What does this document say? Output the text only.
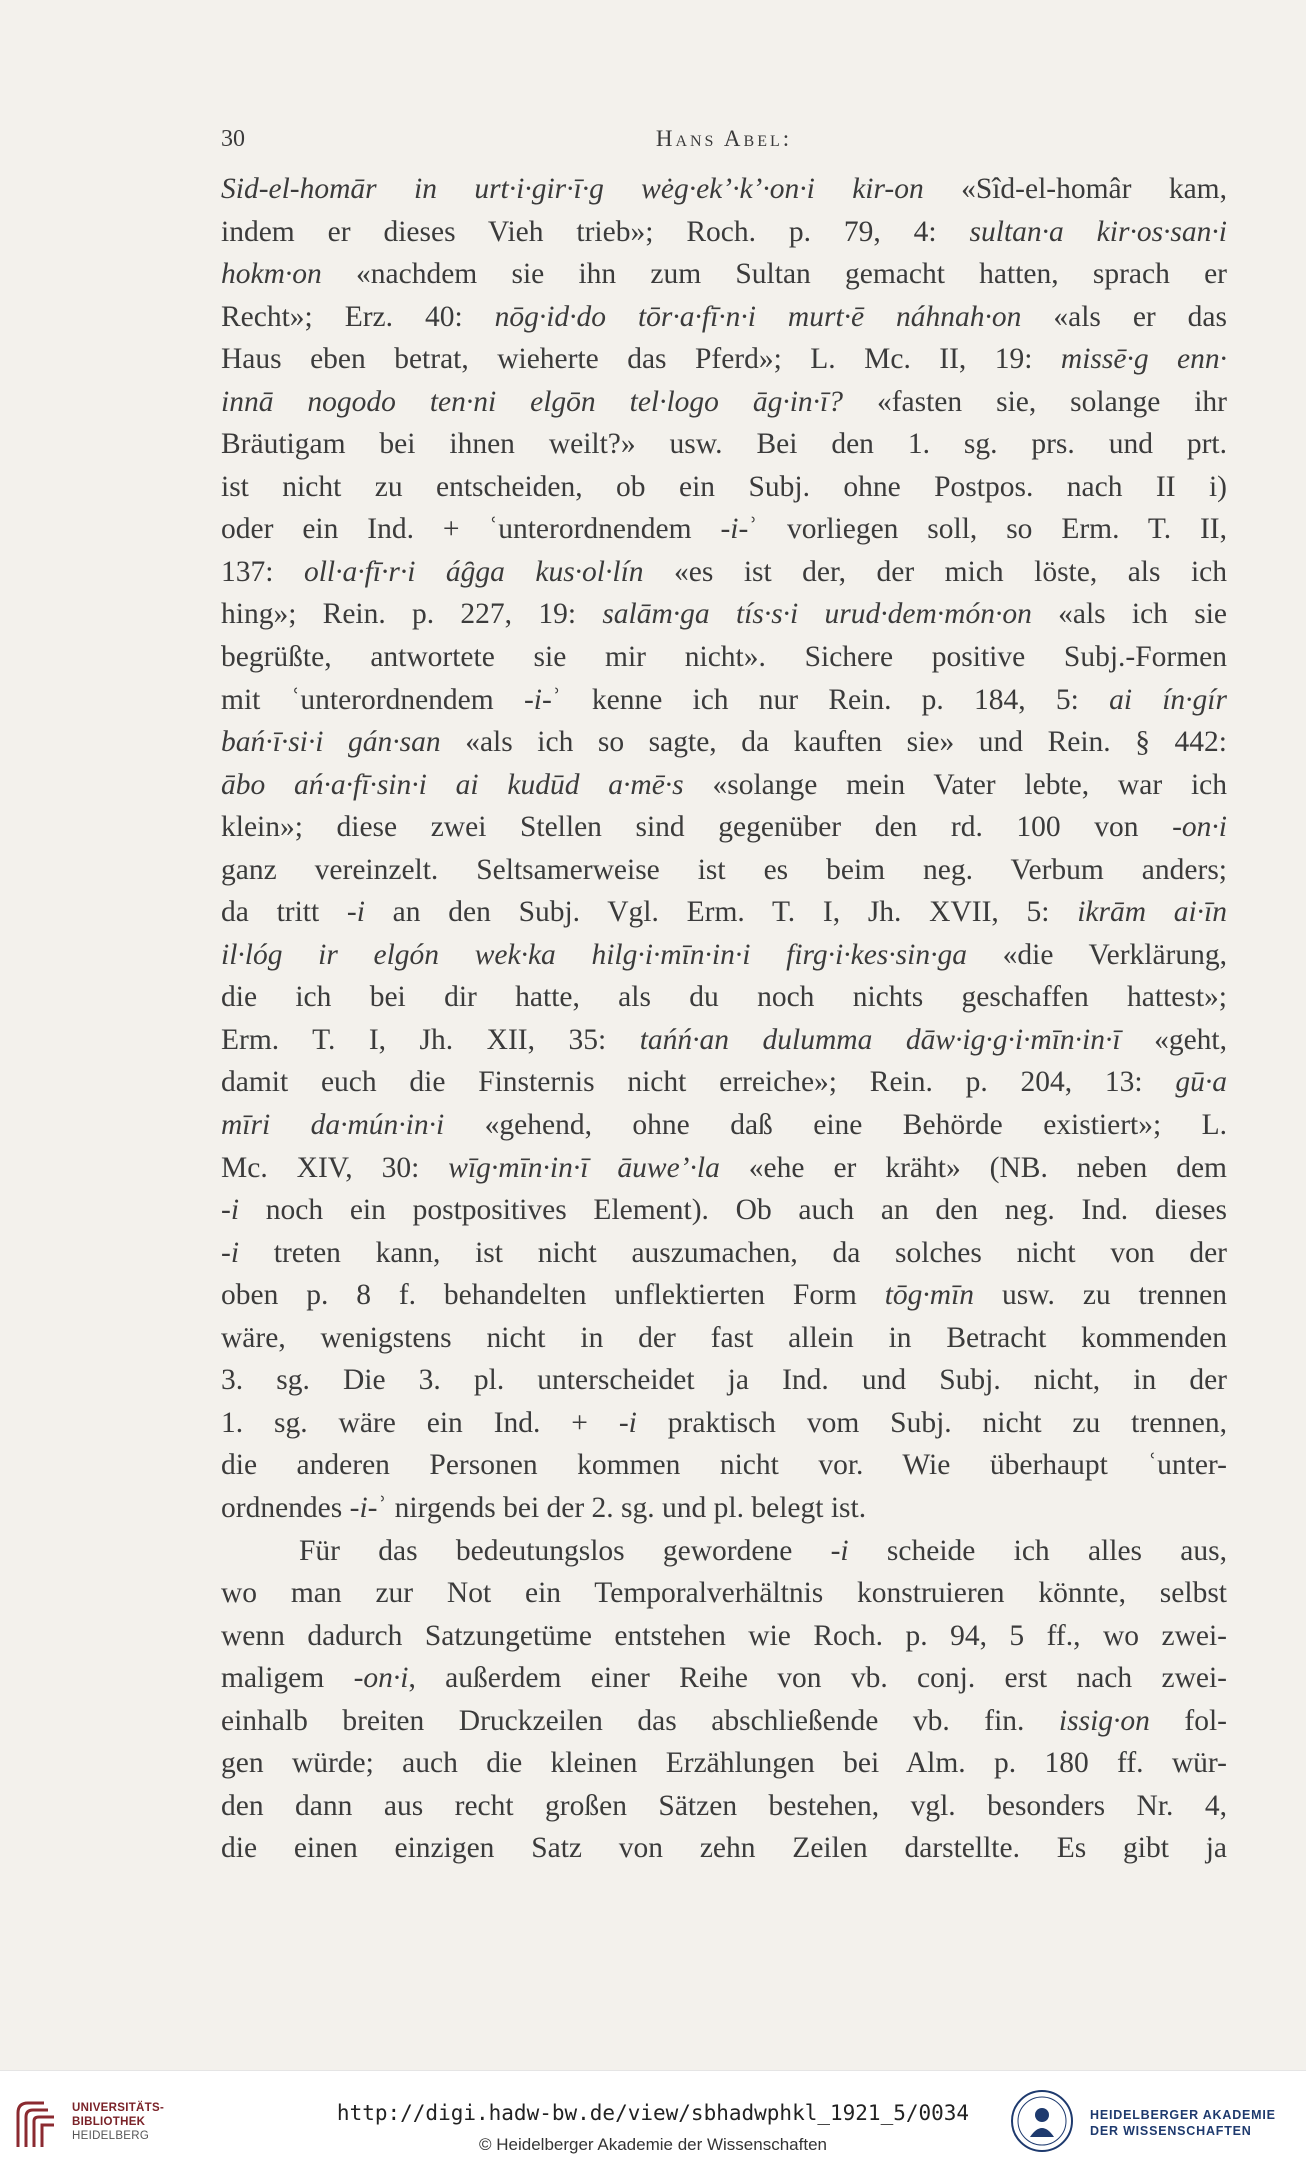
30	Hans Abel:
Sid-el-homār in urt·i·gir·ī·g wėg·ek’·k’·on·i kir-on «Sîd-el-homâr kam,
indem er dieses Vieh trieb»; Roch. p. 79, 4: sultan·a kir·os·san·i
hokm·on «nachdem sie ihn zum Sultan gemacht hatten, sprach er
Recht»; Erz. 40: nōg·id·do tōr·a·fī·n·i murt·ē náhnah·on «als er das
Haus eben betrat, wieherte das Pferd»; L. Mc. II, 19: missē·g enn·
innā nogodo ten·ni elgōn tel·logo āg·in·ī? «fasten sie, solange ihr
Bräutigam bei ihnen weilt?» usw. Bei den 1. sg. prs. und prt.
ist nicht zu entscheiden, ob ein Subj. ohne Postpos. nach II i)
oder ein Ind. + ʿunterordnendem -i-ʾ vorliegen soll, so Erm. T. II,
137: oll·a·fī·r·i ág̑ga kus·ol·lín «es ist der, der mich löste, als ich
hing»; Rein. p. 227, 19: salām·ga tís·s·i urud·dem·món·on «als ich sie
begrüßte, antwortete sie mir nicht». Sichere positive Subj.-Formen
mit ʿunterordnendem -i-ʾ kenne ich nur Rein. p. 184, 5: ai ín·gír
bań·ī·si·i gán·san «als ich so sagte, da kauften sie» und Rein. § 442:
ābo ań·a·fī·sin·i ai kudūd a·mē·s «solange mein Vater lebte, war ich
klein»; diese zwei Stellen sind gegenüber den rd. 100 von -on·i
ganz vereinzelt. Seltsamerweise ist es beim neg. Verbum anders;
da tritt -i an den Subj. Vgl. Erm. T. I, Jh. XVII, 5: ikrām ai·īn
il·lóg ir elgón wek·ka hilg·i·mīn·in·i firg·i·kes·sin·ga «die Verklärung,
die ich bei dir hatte, als du noch nichts geschaffen hattest»;
Erm. T. I, Jh. XII, 35: tańń·an dulumma dāw·ig·g·i·mīn·in·ī «geht,
damit euch die Finsternis nicht erreiche»; Rein. p. 204, 13: gū·a
mīri da·mún·in·i «gehend, ohne daß eine Behörde existiert»; L.
Mc. XIV, 30: wīg·mīn·in·ī āuwe’·la «ehe er kräht» (NB. neben dem
-i noch ein postpositives Element). Ob auch an den neg. Ind. dieses
-i treten kann, ist nicht auszumachen, da solches nicht von der
oben p. 8 f. behandelten unflektierten Form tōg·mīn usw. zu trennen
wäre, wenigstens nicht in der fast allein in Betracht kommenden
3. sg. Die 3. pl. unterscheidet ja Ind. und Subj. nicht, in der
1. sg. wäre ein Ind. + -i praktisch vom Subj. nicht zu trennen,
die anderen Personen kommen nicht vor. Wie überhaupt ʿunter-
ordnendes -i-ʾ nirgends bei der 2. sg. und pl. belegt ist.
Für das bedeutungslos gewordene -i scheide ich alles aus,
wo man zur Not ein Temporalverhältnis konstruieren könnte, selbst
wenn dadurch Satzungetüme entstehen wie Roch. p. 94, 5 ff., wo zwei-
maligem -on·i, außerdem einer Reihe von vb. conj. erst nach zwei-
einhalb breiten Druckzeilen das abschließende vb. fin. issig·on fol-
gen würde; auch die kleinen Erzählungen bei Alm. p. 180 ff. wür-
den dann aus recht großen Sätzen bestehen, vgl. besonders Nr. 4,
die einen einzigen Satz von zehn Zeilen darstellte. Es gibt ja
UNIVERSITÄTS-
BIBLIOTHEK
HEIDELBERG
http://digi.hadw-bw.de/view/sbhadwphkl_1921_5/0034
© Heidelberger Akademie der Wissenschaften
HEIDELBERGER AKADEMIE
DER WISSENSCHAFTEN
